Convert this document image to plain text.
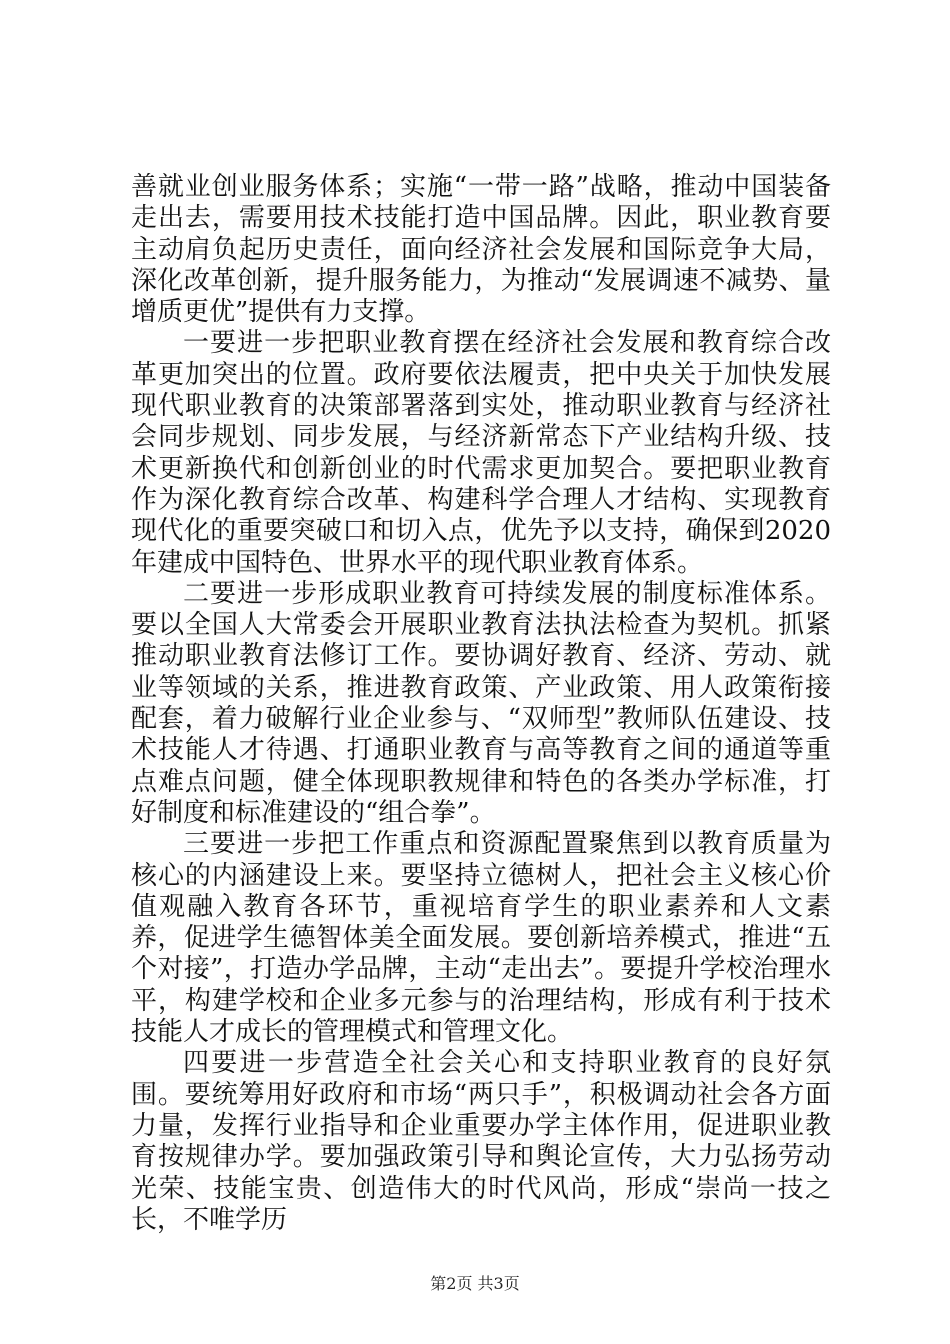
善就业创业服务体系；实施“一带一路”战略，推动中国装备走出去，需要用技术技能打造中国品牌。因此，职业教育要主动肩负起历史责任，面向经济社会发展和国际竞争大局，深化改革创新，提升服务能力，为推动“发展调速不减势、量增质更优”提供有力支撑。

一要进一步把职业教育摆在经济社会发展和教育综合改革更加突出的位置。政府要依法履责，把中央关于加快发展现代职业教育的决策部署落到实处，推动职业教育与经济社会同步规划、同步发展，与经济新常态下产业结构升级、技术更新换代和创新创业的时代需求更加契合。要把职业教育作为深化教育综合改革、构建科学合理人才结构、实现教育现代化的重要突破口和切入点，优先予以支持，确保到2020年建成中国特色、世界水平的现代职业教育体系。

二要进一步形成职业教育可持续发展的制度标准体系。要以全国人大常委会开展职业教育法执法检查为契机。抓紧推动职业教育法修订工作。要协调好教育、经济、劳动、就业等领域的关系，推进教育政策、产业政策、用人政策衔接配套，着力破解行业企业参与、“双师型”教师队伍建设、技术技能人才待遇、打通职业教育与高等教育之间的通道等重点难点问题，健全体现职教规律和特色的各类办学标准，打好制度和标准建设的“组合拳”。

三要进一步把工作重点和资源配置聚焦到以教育质量为核心的内涵建设上来。要坚持立德树人，把社会主义核心价值观融入教育各环节，重视培育学生的职业素养和人文素养，促进学生德智体美全面发展。要创新培养模式，推进“五个对接”，打造办学品牌，主动“走出去”。要提升学校治理水平，构建学校和企业多元参与的治理结构，形成有利于技术技能人才成长的管理模式和管理文化。

四要进一步营造全社会关心和支持职业教育的良好氛围。要统筹用好政府和市场“两只手”，积极调动社会各方面力量，发挥行业指导和企业重要办学主体作用，促进职业教育按规律办学。要加强政策引导和舆论宣传，大力弘扬劳动光荣、技能宝贵、创造伟大的时代风尚，形成“崇尚一技之长，不唯学历

第2页 共3页
